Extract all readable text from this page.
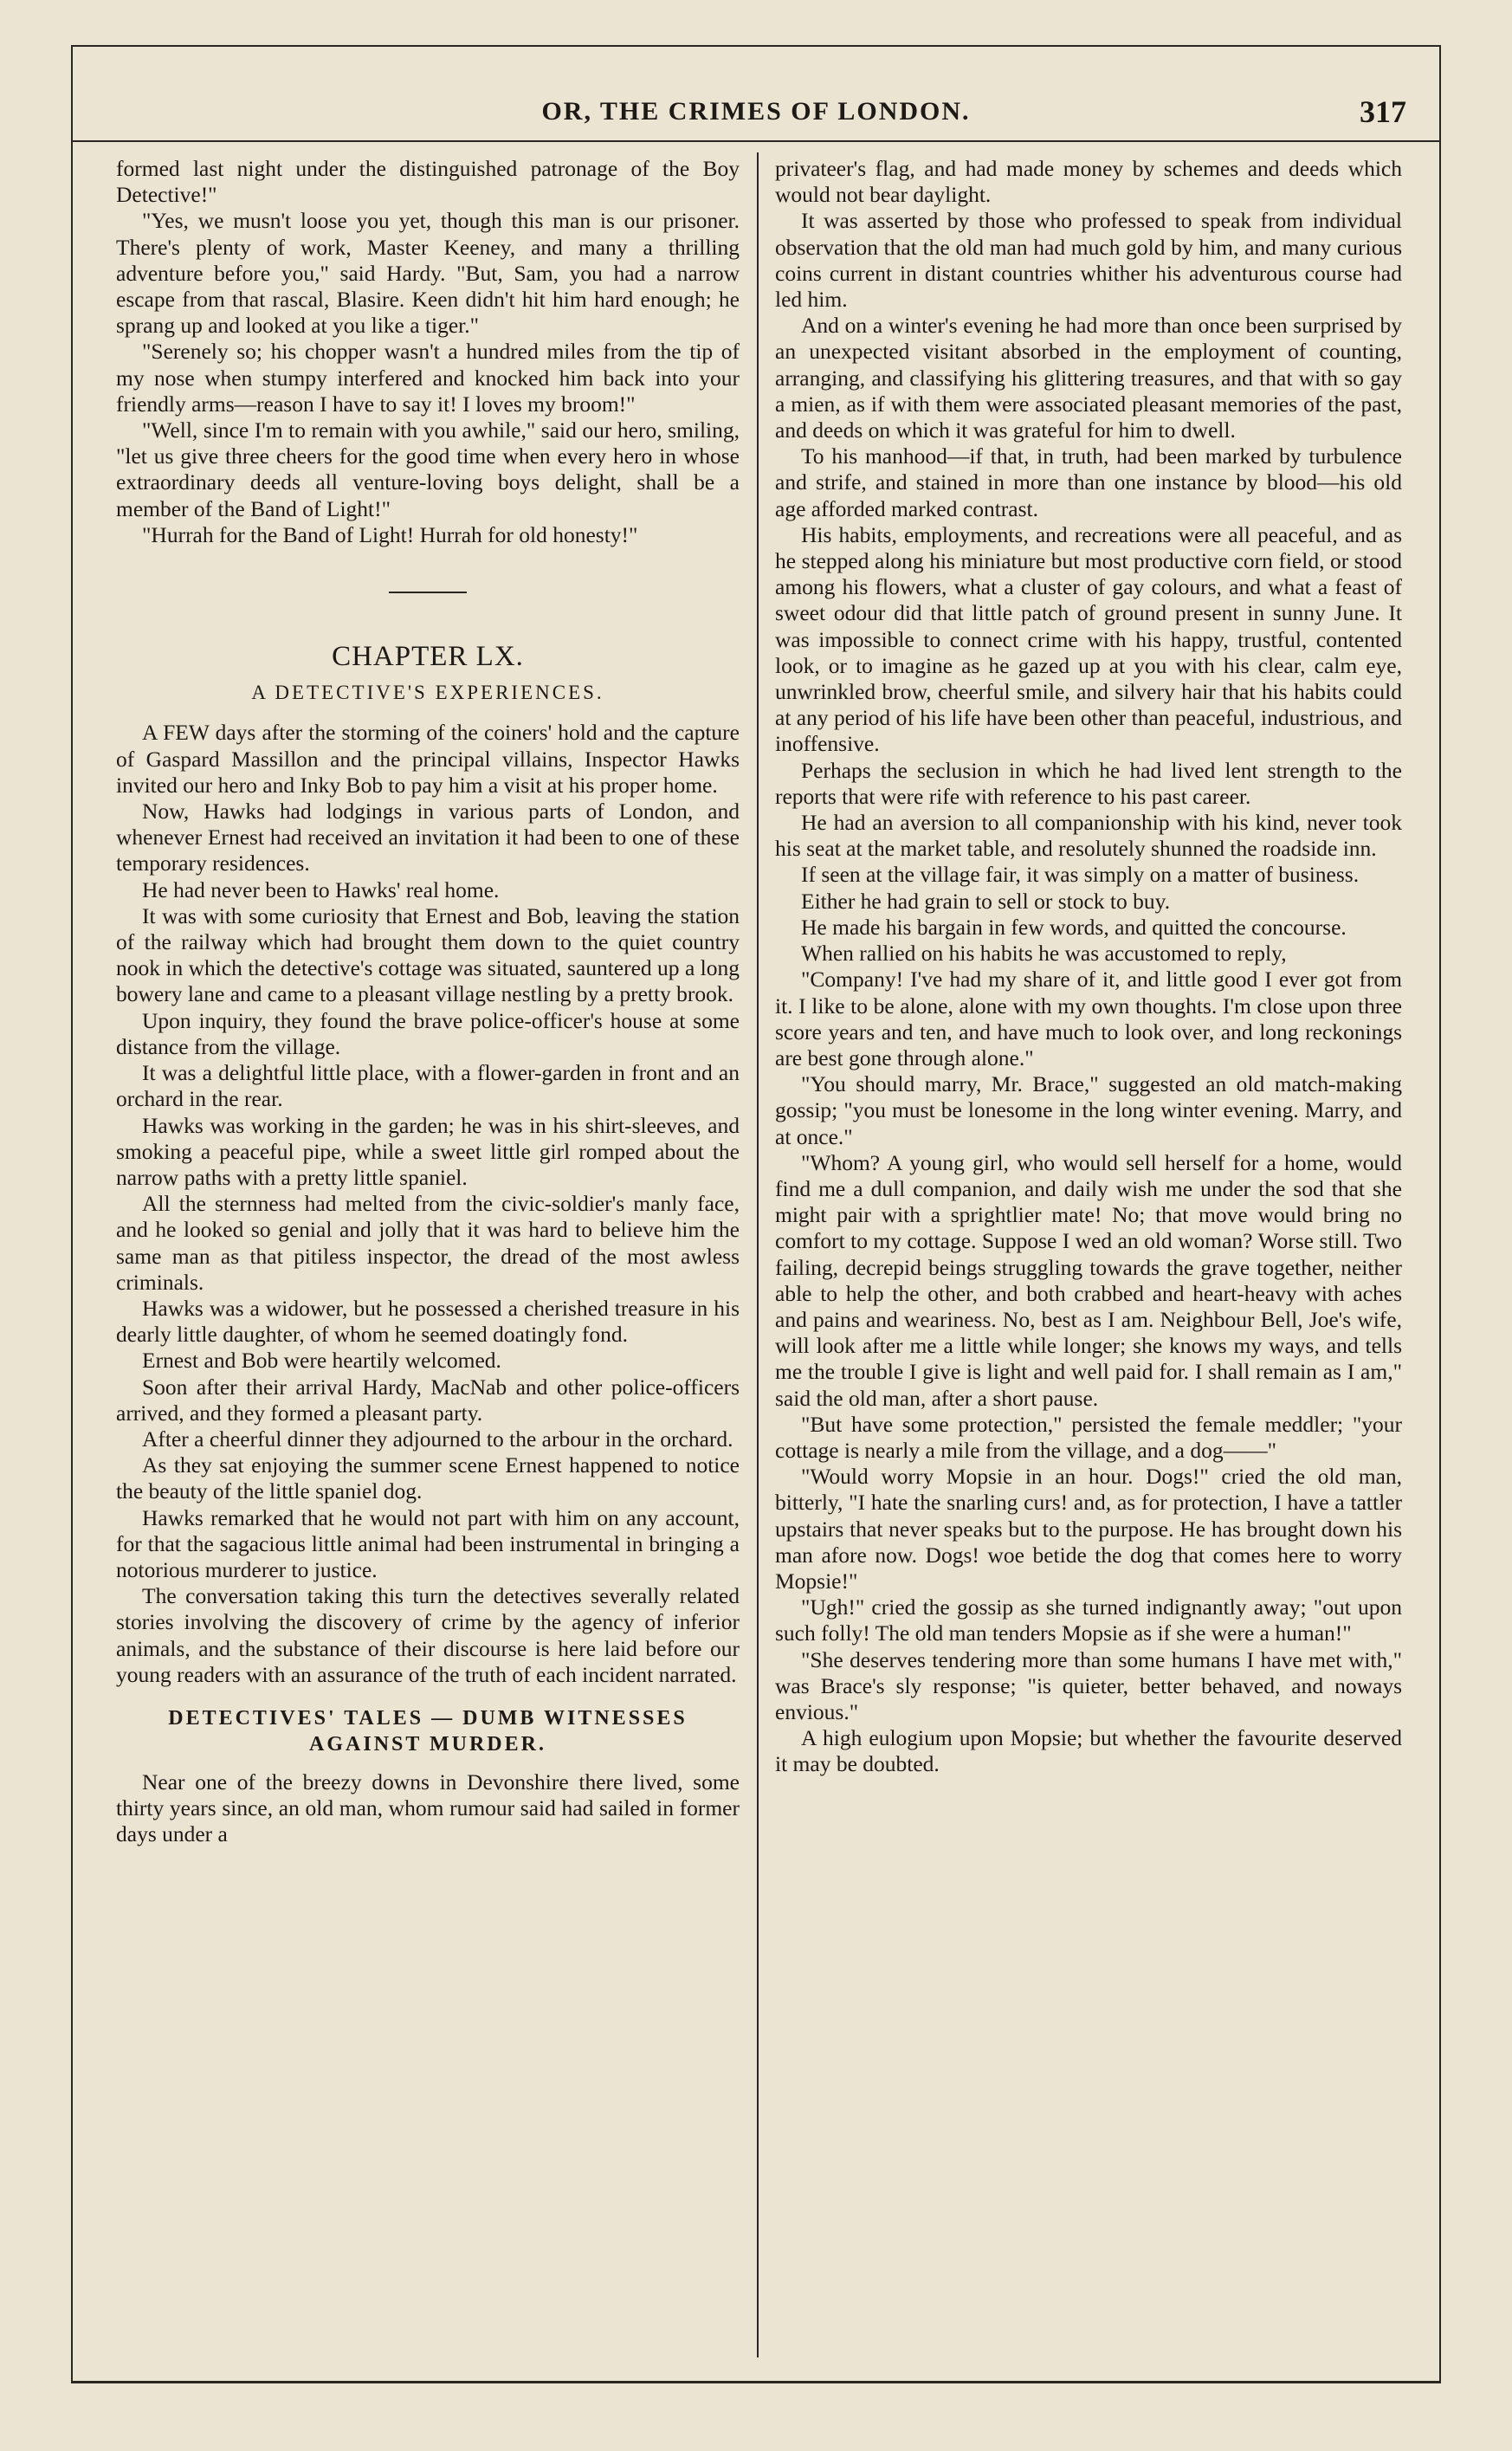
OR, THE CRIMES OF LONDON.	317

formed last night under the distinguished patronage of the Boy Detective!"

"Yes, we musn't loose you yet, though this man is our prisoner. There's plenty of work, Master Keeney, and many a thrilling adventure before you," said Hardy. "But, Sam, you had a narrow escape from that rascal, Blasire. Keen didn't hit him hard enough; he sprang up and looked at you like a tiger."

"Serenely so; his chopper wasn't a hundred miles from the tip of my nose when stumpy interfered and knocked him back into your friendly arms—reason I have to say it! I loves my broom!"

"Well, since I'm to remain with you awhile," said our hero, smiling, "let us give three cheers for the good time when every hero in whose extraordinary deeds all venture-loving boys delight, shall be a member of the Band of Light!"

"Hurrah for the Band of Light! Hurrah for old honesty!"

CHAPTER LX.
A DETECTIVE'S EXPERIENCES.

A FEW days after the storming of the coiners' hold and the capture of Gaspard Massillon and the principal villains, Inspector Hawks invited our hero and Inky Bob to pay him a visit at his proper home.

Now, Hawks had lodgings in various parts of London, and whenever Ernest had received an invitation it had been to one of these temporary residences.

He had never been to Hawks' real home.

It was with some curiosity that Ernest and Bob, leaving the station of the railway which had brought them down to the quiet country nook in which the detective's cottage was situated, sauntered up a long bowery lane and came to a pleasant village nestling by a pretty brook.

Upon inquiry, they found the brave police-officer's house at some distance from the village.

It was a delightful little place, with a flower-garden in front and an orchard in the rear.

Hawks was working in the garden; he was in his shirt-sleeves, and smoking a peaceful pipe, while a sweet little girl romped about the narrow paths with a pretty little spaniel.

All the sternness had melted from the civic-soldier's manly face, and he looked so genial and jolly that it was hard to believe him the same man as that pitiless inspector, the dread of the most awless criminals.

Hawks was a widower, but he possessed a cherished treasure in his dearly little daughter, of whom he seemed doatingly fond.

Ernest and Bob were heartily welcomed.

Soon after their arrival Hardy, MacNab and other police-officers arrived, and they formed a pleasant party.

After a cheerful dinner they adjourned to the arbour in the orchard.

As they sat enjoying the summer scene Ernest happened to notice the beauty of the little spaniel dog.

Hawks remarked that he would not part with him on any account, for that the sagacious little animal had been instrumental in bringing a notorious murderer to justice.

The conversation taking this turn the detectives severally related stories involving the discovery of crime by the agency of inferior animals, and the substance of their discourse is here laid before our young readers with an assurance of the truth of each incident narrated.

DETECTIVES' TALES — DUMB WITNESSES AGAINST MURDER.

Near one of the breezy downs in Devonshire there lived, some thirty years since, an old man, whom rumour said had sailed in former days under a

privateer's flag, and had made money by schemes and deeds which would not bear daylight.

It was asserted by those who professed to speak from individual observation that the old man had much gold by him, and many curious coins current in distant countries whither his adventurous course had led him.

And on a winter's evening he had more than once been surprised by an unexpected visitant absorbed in the employment of counting, arranging, and classifying his glittering treasures, and that with so gay a mien, as if with them were associated pleasant memories of the past, and deeds on which it was grateful for him to dwell.

To his manhood—if that, in truth, had been marked by turbulence and strife, and stained in more than one instance by blood—his old age afforded marked contrast.

His habits, employments, and recreations were all peaceful, and as he stepped along his miniature but most productive corn field, or stood among his flowers, what a cluster of gay colours, and what a feast of sweet odour did that little patch of ground present in sunny June. It was impossible to connect crime with his happy, trustful, contented look, or to imagine as he gazed up at you with his clear, calm eye, unwrinkled brow, cheerful smile, and silvery hair that his habits could at any period of his life have been other than peaceful, industrious, and inoffensive.

Perhaps the seclusion in which he had lived lent strength to the reports that were rife with reference to his past career.

He had an aversion to all companionship with his kind, never took his seat at the market table, and resolutely shunned the roadside inn.

If seen at the village fair, it was simply on a matter of business.

Either he had grain to sell or stock to buy.

He made his bargain in few words, and quitted the concourse.

When rallied on his habits he was accustomed to reply,

"Company! I've had my share of it, and little good I ever got from it. I like to be alone, alone with my own thoughts. I'm close upon three score years and ten, and have much to look over, and long reckonings are best gone through alone."

"You should marry, Mr. Brace," suggested an old match-making gossip; "you must be lonesome in the long winter evening. Marry, and at once."

"Whom? A young girl, who would sell herself for a home, would find me a dull companion, and daily wish me under the sod that she might pair with a sprightlier mate! No; that move would bring no comfort to my cottage. Suppose I wed an old woman? Worse still. Two failing, decrepid beings struggling towards the grave together, neither able to help the other, and both crabbed and heart-heavy with aches and pains and weariness. No, best as I am. Neighbour Bell, Joe's wife, will look after me a little while longer; she knows my ways, and tells me the trouble I give is light and well paid for. I shall remain as I am," said the old man, after a short pause.

"But have some protection," persisted the female meddler; "your cottage is nearly a mile from the village, and a dog——"

"Would worry Mopsie in an hour. Dogs!" cried the old man, bitterly, "I hate the snarling curs! and, as for protection, I have a tattler upstairs that never speaks but to the purpose. He has brought down his man afore now. Dogs! woe betide the dog that comes here to worry Mopsie!"

"Ugh!" cried the gossip as she turned indignantly away; "out upon such folly! The old man tenders Mopsie as if she were a human!"

"She deserves tendering more than some humans I have met with," was Brace's sly response; "is quieter, better behaved, and noways envious."

A high eulogium upon Mopsie; but whether the favourite deserved it may be doubted.
